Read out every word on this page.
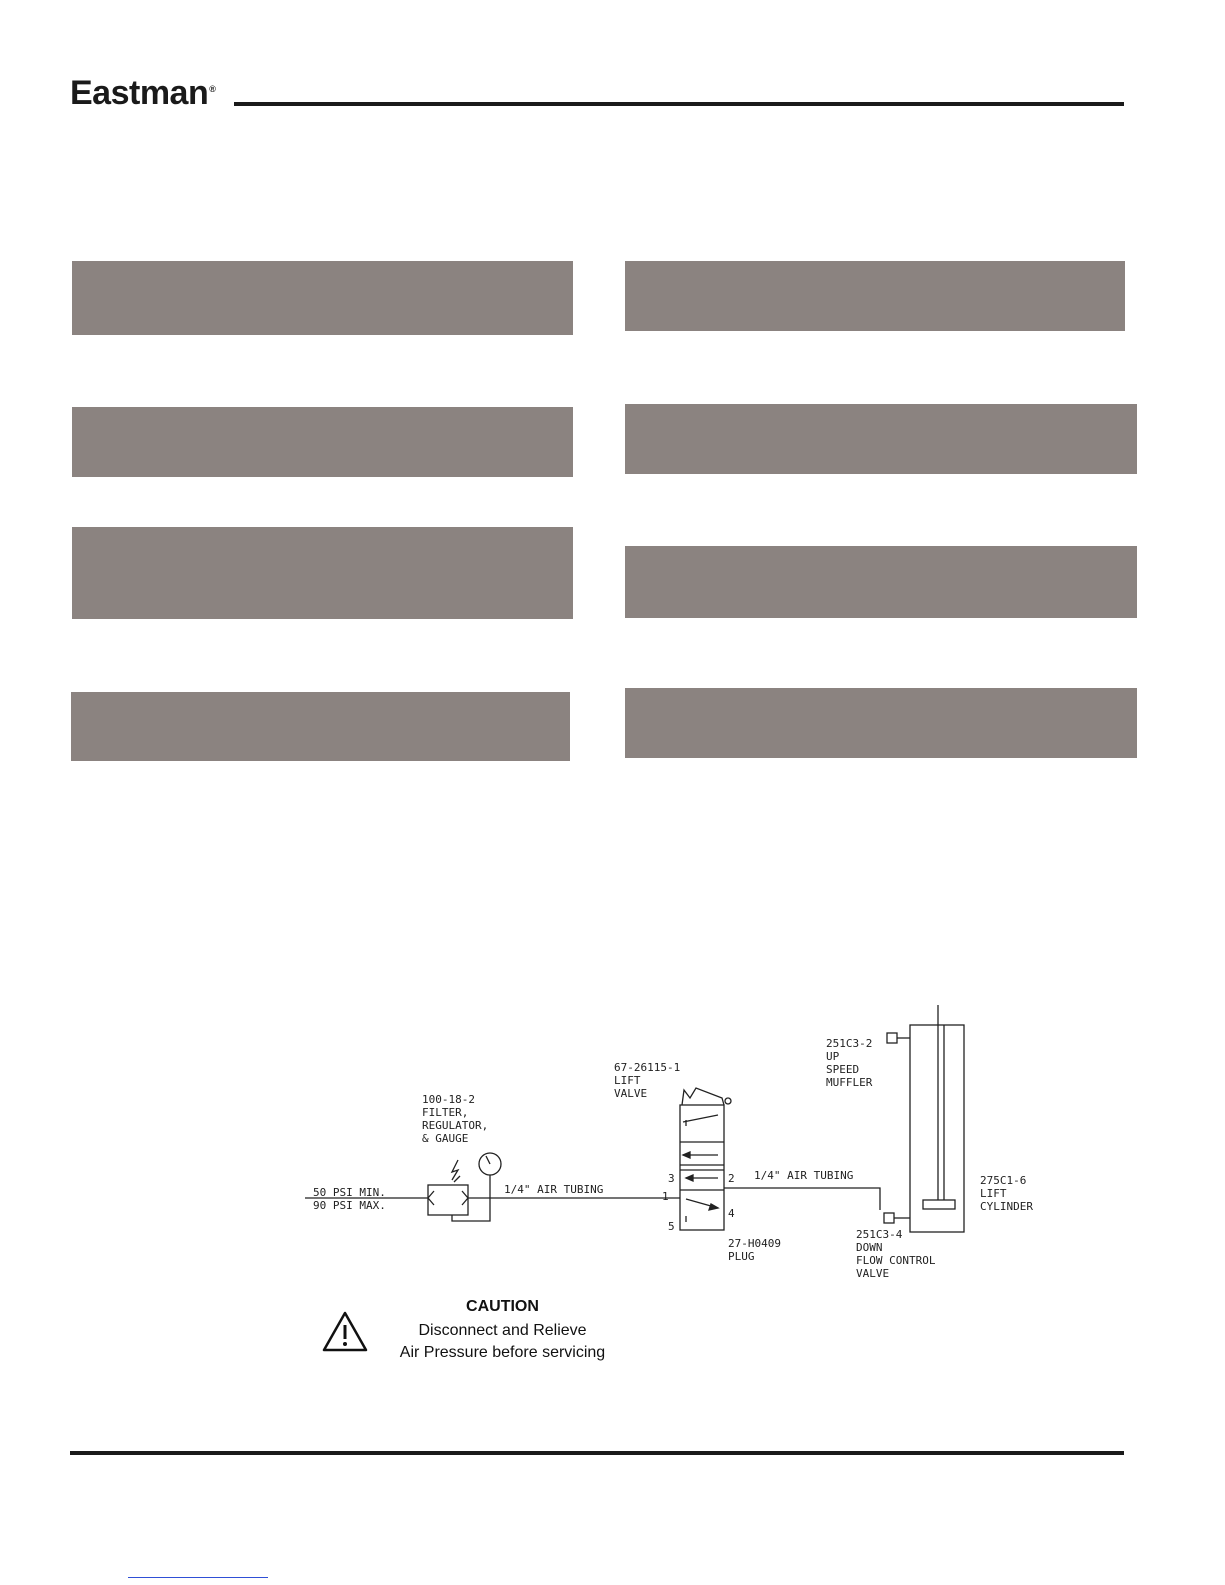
Eastman®
50 PSI MIN.
90 PSI MAX.
100-18-2
FILTER,
REGULATOR,
& GAUGE
1/4" AIR TUBING
67-26115-1
LIFT
VALVE
1
2
3
4
5
1/4" AIR TUBING
27-H0409
PLUG
251C3-2
UP
SPEED
MUFFLER
251C3-4
DOWN
FLOW CONTROL
VALVE
275C1-6
LIFT
CYLINDER
CAUTION
Disconnect and Relieve
Air Pressure before servicing
